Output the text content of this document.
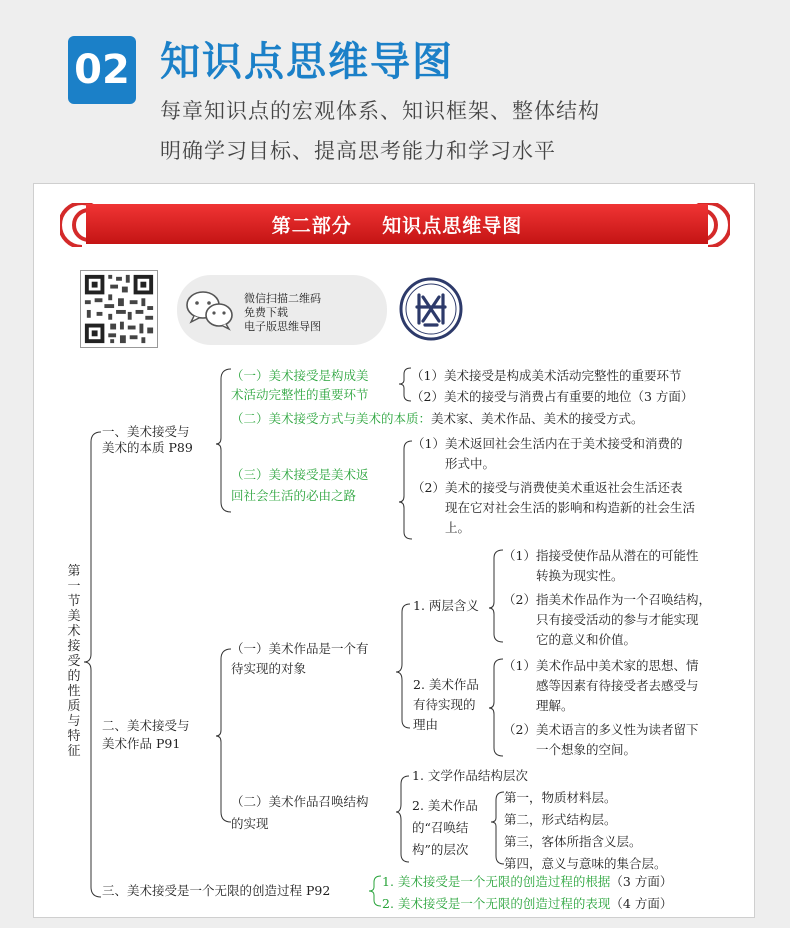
02 知识点思维导图
每章知识点的宏观体系、知识框架、整体结构
明确学习目标、提高思考能力和学习水平
第二部分    知识点思维导图
微信扫描二维码
免费下载
电子版思维导图
第
一
节
美
术
接
受
的
性
质
与
特
征
一、美术接受与
美术的本质 P89
（一）美术接受是构成美
术活动完整性的重要环节
（1）美术接受是构成美术活动完整性的重要环节
（2）美术的接受与消费占有重要的地位（3 方面）
（二）美术接受方式与美术的本质：美术家、美术作品、美术的接受方式。
（三）美术接受是美术返
回社会生活的必由之路
（1）美术返回社会生活内在于美术接受和消费的
形式中。
（2）美术的接受与消费使美术重返社会生活还表
现在它对社会生活的影响和构造新的社会生活
上。
二、美术接受与
美术作品 P91
（一）美术作品是一个有
待实现的对象
1. 两层含义
（1）指接受使作品从潜在的可能性
转换为现实性。
（2）指美术作品作为一个召唤结构，
只有接受活动的参与才能实现
它的意义和价值。
2. 美术作品
有待实现的
理由
（1）美术作品中美术家的思想、情
感等因素有待接受者去感受与
理解。
（2）美术语言的多义性为读者留下
一个想象的空间。
（二）美术作品召唤结构
的实现
1. 文学作品结构层次
2. 美术作品
的“召唤结
构”的层次
第一，物质材料层。
第二，形式结构层。
第三，客体所指含义层。
第四，意义与意味的集合层。
三、美术接受是一个无限的创造过程 P92
1. 美术接受是一个无限的创造过程的根据（3 方面）
2. 美术接受是一个无限的创造过程的表现（4 方面）
